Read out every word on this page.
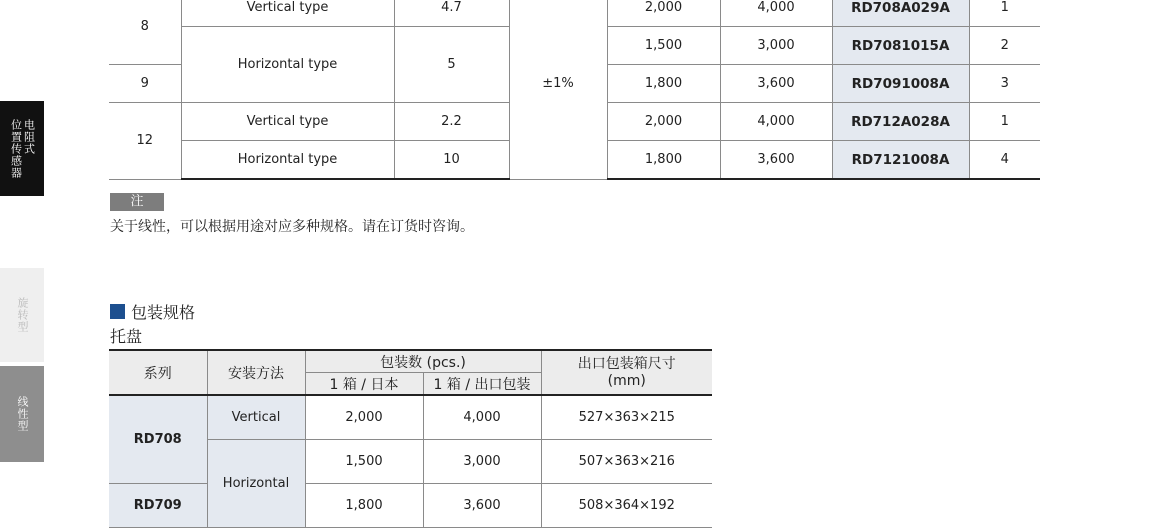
电阻式
位置传感器
旋转型
线性型
8	Vertical type	4.7	±1%	2,000	4,000	RD708A029A	1
	Horizontal type	5		1,500	3,000	RD7081015A	2
9				1,800	3,600	RD7091008A	3
12	Vertical type	2.2		2,000	4,000	RD712A028A	1
	Horizontal type	10		1,800	3,600	RD7121008A	4
注
关于线性，可以根据用途对应多种规格。请在订货时咨询。
包装规格
托盘
系列	安装方法	包装数 (pcs.)		出口包装箱尺寸
(mm)

		1 箱 / 日本	1 箱 / 出口包装	
RD708	Vertical	2,000	4,000	527×363×215
	Horizontal	1,500	3,000	507×363×216
RD709		1,800	3,600	508×364×192
